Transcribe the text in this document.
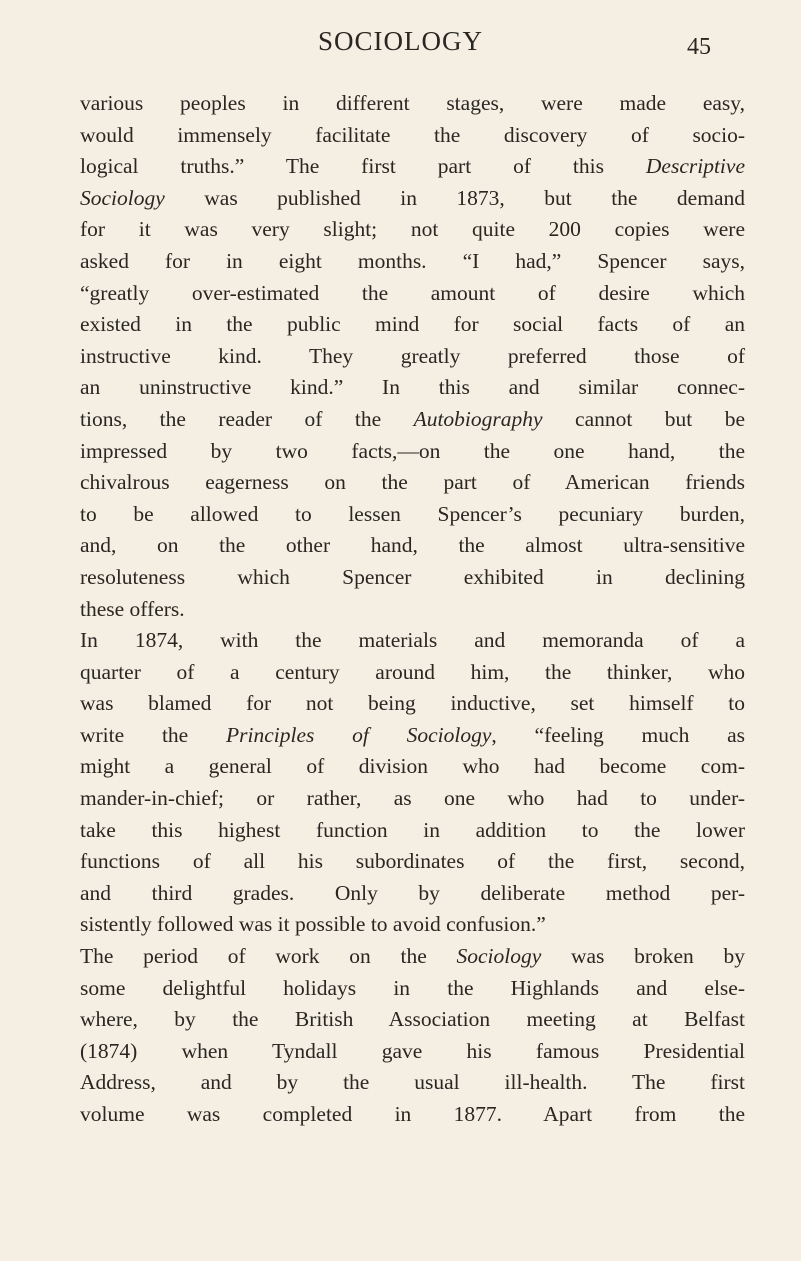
SOCIOLOGY	45
various peoples in different stages, were made easy,
would immensely facilitate the discovery of socio-
logical truths.” The first part of this Descriptive
Sociology was published in 1873, but the demand
for it was very slight; not quite 200 copies were
asked for in eight months. “I had,” Spencer says,
“greatly over-estimated the amount of desire which
existed in the public mind for social facts of an
instructive kind. They greatly preferred those of
an uninstructive kind.” In this and similar connec-
tions, the reader of the Autobiography cannot but be
impressed by two facts,—on the one hand, the
chivalrous eagerness on the part of American friends
to be allowed to lessen Spencer’s pecuniary burden,
and, on the other hand, the almost ultra-sensitive
resoluteness which Spencer exhibited in declining
these offers.
In 1874, with the materials and memoranda of a
quarter of a century around him, the thinker, who
was blamed for not being inductive, set himself to
write the Principles of Sociology, “feeling much as
might a general of division who had become com-
mander-in-chief; or rather, as one who had to under-
take this highest function in addition to the lower
functions of all his subordinates of the first, second,
and third grades. Only by deliberate method per-
sistently followed was it possible to avoid confusion.”
The period of work on the Sociology was broken by
some delightful holidays in the Highlands and else-
where, by the British Association meeting at Belfast
(1874) when Tyndall gave his famous Presidential
Address, and by the usual ill-health. The first
volume was completed in 1877. Apart from the
